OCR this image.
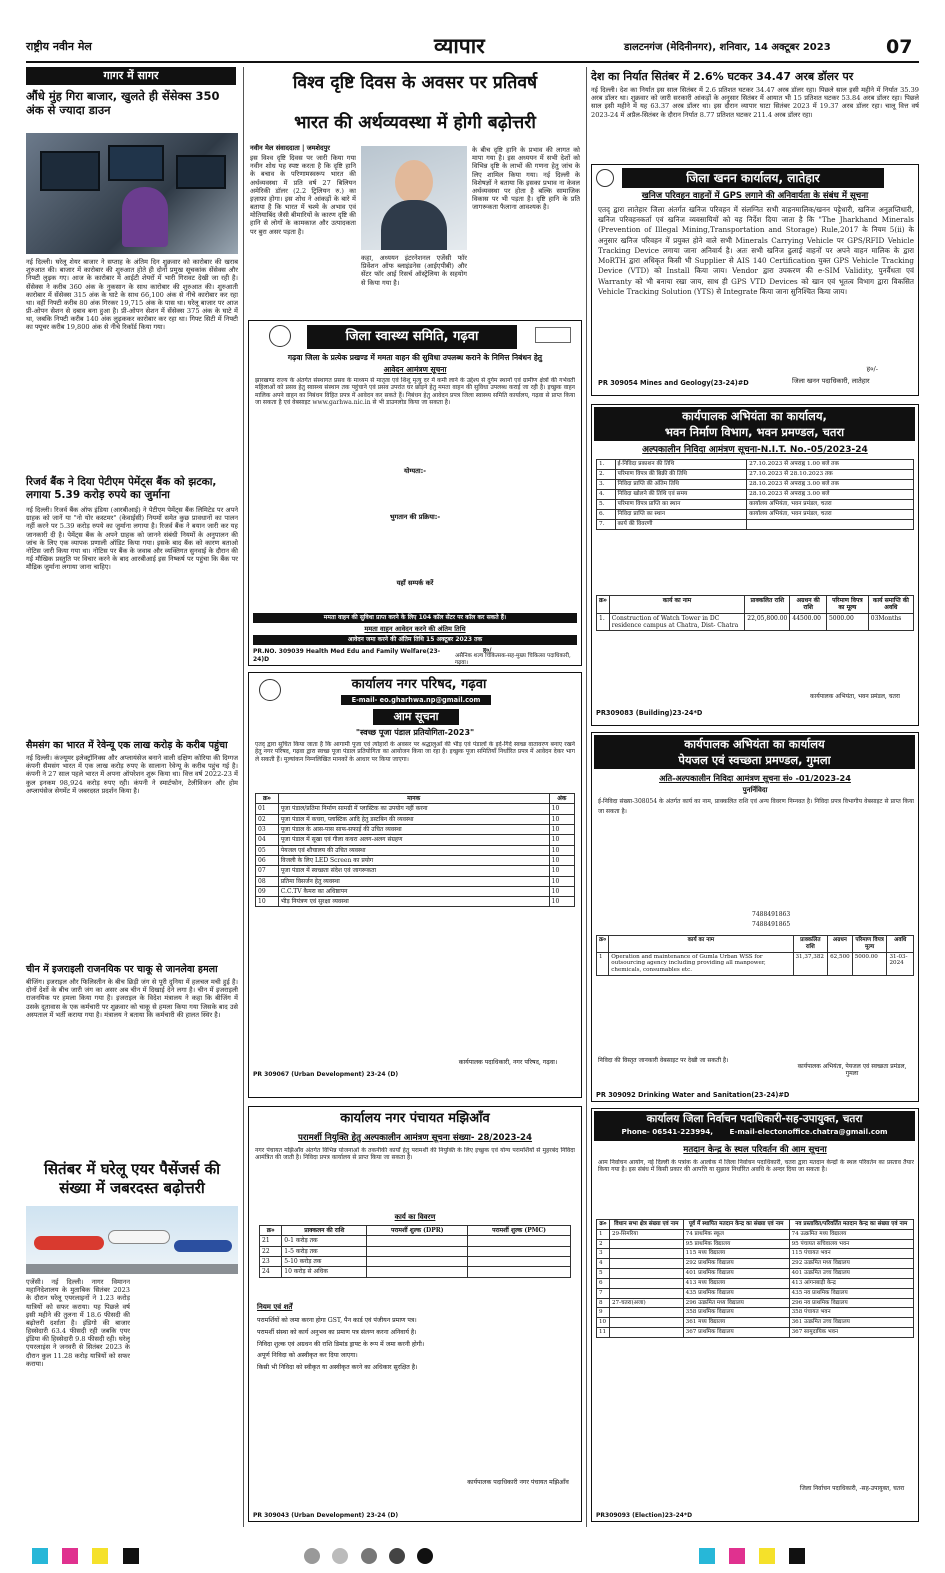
राष्ट्रीय नवीन मेल	व्यापार	डालटनगंज (मेदिनीनगर), शनिवार, 14 अक्टूबर 2023	07
गागर में सागर
औंधे मुंह गिरा बाजार, खुलते ही सेंसेक्स 350 अंक से ज्यादा डाउन
नई दिल्ली। घरेलू शेयर बाजार ने सप्ताह के अंतिम दिन शुक्रवार को कारोबार की खराब शुरुआत की। बाजार में कारोबार की शुरुआत होते ही दोनों प्रमुख सूचकांक सेंसेक्स और निफ्टी लुढ़क गए। आज के कारोबार में आईटी शेयरों में भारी गिरावट देखी जा रही है। सेंसेक्स ने करीब 360 अंक के नुकसान के साथ कारोबार की शुरुआत की। शुरुआती कारोबार में सेंसेक्स 315 अंक के घाटे के साथ 66,100 अंक से नीचे कारोबार कर रहा था। वहीं निफ्टी करीब 80 अंक गिरकर 19,715 अंक के पास था। घरेलू बाजार पर आज प्री-ओपन सेशन से दबाव बना हुआ है। प्री-ओपन सेशन में सेंसेक्स 375 अंक के घाटे में था, जबकि निफ्टी करीब 140 अंक लुढ़ककर कारोबार कर रहा था। गिफ्ट सिटी में निफ्टी का फ्यूचर करीब 19,800 अंक से नीचे रिकॉर्ड किया गया।
रिजर्व बैंक ने दिया पेटीएम पेमेंट्स बैंक को झटका, लगाया 5.39 करोड़ रुपये का जुर्माना
नई दिल्ली। रिजर्व बैंक ऑफ इंडिया (आरबीआई) ने पेटीएम पेमेंट्स बैंक लिमिटेड पर अपने ग्राहक को जानें या "नो योर कस्टमर" (केवाईसी) नियमों समेत कुछ प्रावधानों का पालन नहीं करने पर 5.39 करोड़ रुपये का जुर्माना लगाया है। रिजर्व बैंक ने बयान जारी कर यह जानकारी दी है। पेमेंट्स बैंक के अपने ग्राहक को जानने संबंधी नियमों के अनुपालन की जांच के लिए एक व्यापक प्रणाली ऑडिट किया गया। इसके बाद बैंक को कारण बताओ नोटिस जारी किया गया था। नोटिस पर बैंक के जवाब और व्यक्तिगत सुनवाई के दौरान की गई मौखिक प्रस्तुति पर विचार करने के बाद आरबीआई इस निष्कर्ष पर पहुंचा कि बैंक पर मौद्रिक जुर्माना लगाया जाना चाहिए।
सैमसंग का भारत में रेवेन्यू एक लाख करोड़ के करीब पहुंचा
नई दिल्ली। कंज्यूमर इलेक्ट्रॉनिक्स और अप्लायंसेज बनाने वाली दक्षिण कोरिया की दिग्गज कंपनी सैमसंग भारत में एक लाख करोड़ रुपए के सालाना रेवेन्यू के करीब पहुंच गई है। कंपनी ने 27 साल पहले भारत में अपना ऑपरेशन शुरू किया था। वित्त वर्ष 2022-23 में कुल इनकम 98,924 करोड़ रुपए रही। कंपनी ने स्मार्टफोन, टेलीविजन और होम अप्लायंसेज सेगमेंट में जबरदस्त प्रदर्शन किया है।
चीन में इजराइली राजनयिक पर चाकू से जानलेवा हमला
बीजिंग। इजराइल और फिलिस्तीन के बीच छिड़ी जंग से पूरी दुनिया में हलचल मची हुई है। दोनों देशों के बीच जारी जंग का असर अब चीन में दिखाई देने लगा है। चीन में इजराइली राजनयिक पर हमला किया गया है। इजराइल के विदेश मंत्रालय ने कहा कि बीजिंग में उसके दूतावास के एक कर्मचारी पर शुक्रवार को चाकू से हमला किया गया जिसके बाद उसे अस्पताल में भर्ती कराया गया है। मंत्रालय ने बताया कि कर्मचारी की हालत स्थिर है।
सितंबर में घरेलू एयर पैसेंजर्स की संख्या में जबरदस्त बढ़ोत्तरी
एजेंसी। नई दिल्ली। नागर विमानन महानिदेशालय के मुताबिक सितंबर 2023 के दौरान घरेलू एयरलाइनों ने 1.23 करोड़ यात्रियों को सफर कराया। यह पिछले वर्ष इसी महीने की तुलना में 18.6 फीसदी की बढ़ोत्तरी दर्शाता है। इंडिगो की बाजार हिस्सेदारी 63.4 फीसदी रही जबकि एयर इंडिया की हिस्सेदारी 9.8 फीसदी रही। घरेलू एयरलाइंस ने जनवरी से सितंबर 2023 के दौरान कुल 11.28 करोड़ यात्रियों को सफर कराया।
विश्व दृष्टि दिवस के अवसर पर प्रतिवर्ष
भारत की अर्थव्यवस्था में होगी बढ़ोत्तरी
नवीन मेल संवाददाता | जमशेदपुर
इस विश्व दृष्टि दिवस पर जारी किया गया नवीन शोध यह स्पष्ट करता है कि दृष्टि हानि के बचाव के परिणामस्वरूप भारत की अर्थव्यवस्था में प्रति वर्ष 27 बिलियन अमेरिकी डॉलर (2.2 ट्रिलियन रु.) का इज़ाफ़ा होगा। इस शोध ने आंकड़ों के बारे में बताया है कि भारत में चश्मे के अभाव एवं मोतियाबिंद जैसी बीमारियों के कारण दृष्टि की हानि से लोगों के कामकाज और उत्पादकता पर बुरा असर पड़ता है।
कहा, अध्ययन इंटरनेशनल एजेंसी फॉर प्रिवेंशन ऑफ ब्लाइंडनेस (आईएपीबी) और सेंटर फॉर आई रिसर्च ऑस्ट्रेलिया के सहयोग से किया गया है।
के बीच दृष्टि हानि के प्रभाव की लागत को मापा गया है। इस अध्ययन में सभी देशों को विभिन्न दृष्टि के लाभों की गणना हेतु जांच के लिए शामिल किया गया। नई दिल्ली के विशेषज्ञों ने बताया कि इसका प्रभाव ना केवल अर्थव्यवस्था पर होता है बल्कि सामाजिक विकास पर भी पड़ता है। दृष्टि हानि के प्रति जागरूकता फैलाना आवश्यक है।
जिला स्वास्थ्य समिति, गढ़वा
गढ़वा जिला के प्रत्येक प्रखण्ड में ममता वाहन की सुविधा उपलब्ध कराने के निमित्त निबंधन हेतु
आवेदन आमंत्रण सूचना
झारखण्ड राज्य के अंतर्गत संस्थागत प्रसव के माध्यम से मातृत्व एवं शिशु मृत्यु दर में कमी लाने के उद्देश्य से दुर्गम स्थानों एवं ग्रामीण क्षेत्रों की गर्भवती महिलाओं को प्रसव हेतु स्वास्थ्य संस्थान तक पहुंचाने एवं प्रसव उपरांत घर छोड़ने हेतु ममता वाहन की सुविधा उपलब्ध कराई जा रही है। इच्छुक वाहन मालिक अपने वाहन का निबंधन विहित प्रपत्र में आवेदन कर सकते हैं। निबंधन हेतु आवेदन प्रपत्र जिला स्वास्थ्य समिति कार्यालय, गढ़वा से प्राप्त किया जा सकता है एवं वेबसाइट www.garhwa.nic.in से भी डाउनलोड किया जा सकता है।
योग्यता:-
भुगतान की प्रक्रिया:-
यहाँ सम्पर्क करें
ममता वाहन की सुविधा प्राप्त करने के लिए 104 कॉल सेंटर पर कॉल कर सकते हैं।
ममता वाहन आवेदन करने की अंतिम तिथि
आवेदन जमा करने की अंतिम तिथि 15 अक्टूबर 2023 तक
ह०/
असैनिक शल्य चिकित्सक-सह-मुख्य चिकित्सा पदाधिकारी, गढ़वा।
PR.NO. 309039 Health Med Edu and Family Welfare(23-24)D
कार्यालय नगर परिषद, गढ़वा
E-mail- eo.gharhwa.np@gmail.com
आम सूचना
"स्वच्छ पूजा पंडाल प्रतियोगिता-2023"
एतद् द्वारा सूचित किया जाता है कि आगामी पूजा एवं त्योहारों के अवसर पर श्रद्धालुओं की भीड़ एवं पंडालों के इर्द-गिर्द स्वच्छ वातावरण बनाए रखने हेतु नगर परिषद, गढ़वा द्वारा स्वच्छ पूजा पंडाल प्रतियोगिता का आयोजन किया जा रहा है। इच्छुक पूजा समितियाँ निर्धारित प्रपत्र में आवेदन देकर भाग ले सकती हैं। मूल्यांकन निम्नलिखित मानकों के आधार पर किया जाएगा।
क्र०	मानक	अंक
01	पूजा पंडाल/प्रतिमा निर्माण सामग्री में प्लास्टिक का उपयोग नहीं करना	10
02	पूजा पंडाल में कचरा, प्लास्टिक आदि हेतु डस्टबिन की व्यवस्था	10
03	पूजा पंडाल के आस-पास साफ-सफाई की उचित व्यवस्था	10
04	पूजा पंडाल में सूखा एवं गीला कचरा अलग-अलग संग्रहण	10
05	पेयजल एवं शौचालय की उचित व्यवस्था	10
06	विजली के लिए LED Screen का प्रयोग	10
07	पूजा पंडाल में स्वच्छता संदेश एवं जागरूकता	10
08	प्रतिमा विसर्जन हेतु व्यवस्था	10
09	C.C.TV कैमरा का अधिष्ठापन	10
10	भीड़ नियंत्रण एवं सुरक्षा व्यवस्था	10
कार्यपालक पदाधिकारी, नगर परिषद, गढ़वा।
PR 309067 (Urban Development) 23-24 (D)
कार्यालय नगर पंचायत मझिऑंव
परामर्शी नियुक्ति हेतु अल्पकालीन आमंत्रण सूचना संख्या- 28/2023-24
नगर पंचायत मझिऑंव अंतर्गत विभिन्न योजनाओं के तकनीकी कार्यों हेतु परामर्शी की नियुक्ति के लिए इच्छुक एवं योग्य परामर्शियों से मुहरबंद निविदा आमंत्रित की जाती है। निविदा प्रपत्र कार्यालय से प्राप्त किया जा सकता है।
कार्य का विवरण
क्र०	प्राक्कलन की राशि	परामर्शी शुल्क (DPR)	परामर्शी शुल्क (PMC)
21	0-1 करोड़ तक		
22	1-5 करोड़ तक		
23	5-10 करोड़ तक		
24	10 करोड़ से अधिक		
नियम एवं शर्तें
परामर्शियों को जमा करना होगा GST, पैन कार्ड एवं पंजीयन प्रमाण पत्र।
परामर्शी संस्था को कार्य अनुभव का प्रमाण पत्र संलग्न करना अनिवार्य है।
निविदा शुल्क एवं अग्रधन की राशि डिमांड ड्राफ्ट के रूप में जमा करनी होगी।
अपूर्ण निविदा को अस्वीकृत कर दिया जाएगा।
किसी भी निविदा को स्वीकृत या अस्वीकृत करने का अधिकार सुरक्षित है।
कार्यपालक पदाधिकारी नगर पंचायत मझिऑंव
PR 309043 (Urban Development) 23-24 (D)
देश का निर्यात सितंबर में 2.6% घटकर 34.47 अरब डॉलर पर
नई दिल्ली। देश का निर्यात इस साल सितंबर में 2.6 प्रतिशत घटकर 34.47 अरब डॉलर रहा। पिछले साल इसी महीने में निर्यात 35.39 अरब डॉलर था। शुक्रवार को जारी सरकारी आंकड़ों के अनुसार सितंबर में आयात भी 15 प्रतिशत घटकर 53.84 अरब डॉलर रहा। पिछले साल इसी महीने में यह 63.37 अरब डॉलर था। इस दौरान व्यापार घाटा सितंबर 2023 में 19.37 अरब डॉलर रहा। चालू वित्त वर्ष 2023-24 में अप्रैल-सितंबर के दौरान निर्यात 8.77 प्रतिशत घटकर 211.4 अरब डॉलर रहा।
जिला खनन कार्यालय, लातेहार
खनिज परिवहन वाहनों में GPS लगाने की अनिवार्यता के संबंध में सूचना
एतद् द्वारा लातेहार जिला अंतर्गत खनिज परिवहन में संलग्नित सभी वाहनमालिक/खनन पट्टेधारी, खनिज अनुज्ञप्तिधारी, खनिज परिवहनकर्ता एवं खनिज व्यवसायियों को यह निर्देश दिया जाता है कि "The Jharkhand Minerals (Prevention of Illegal Mining,Transportation and Storage) Rule,2017 के नियम 5(ii) के अनुसार खनिज परिवहन में प्रयुक्त होने वाले सभी Minerals Carrying Vehicle पर GPS/RFID Vehicle Tracking Device लगाया जाना अनिवार्य है। अतः सभी खनिज ढुलाई वाहनों पर अपने वाहन मालिक के द्वारा MoRTH द्वारा अधिकृत किसी भी Supplier से AIS 140 Certification युक्त GPS Vehicle Tracking Device (VTD) को Install किया जाय। Vendor द्वारा उपकरण की e-SIM Validity, पुनर्वैधता एवं Warranty को भी बनाया रखा जाय, साथ ही GPS VTD Devices को खान एवं भूतत्व विभाग द्वारा विकसित Vehicle Tracking Solution (YTS) से Integrate किया जाना सुनिश्चित किया जाय।
ह०/-
जिला खनन पदाधिकारी, लातेहार
PR 309054 Mines and Geology(23-24)#D
कार्यपालक अभियंता का कार्यालय,
भवन निर्माण विभाग, भवन प्रमण्डल, चतरा
अल्पकालीन निविदा आमंत्रण सूचना-N.I.T. No.-05/2023-24
1.	ई-निविदा प्रकाशन की तिथि	27.10.2023 से अपराह्न 1.00 बजे तक
2.	परिमाण विपत्र की बिक्री की तिथि	27.10.2023 से 28.10.2023 तक
3.	निविदा प्राप्ति की अंतिम तिथि	28.10.2023 से अपराह्न 3.00 बजे तक
4.	निविदा खोलने की तिथि एवं समय	28.10.2023 से अपराह्न 3.00 बजे
5.	परिमाण विपत्र प्राप्ति का स्थान	कार्यालय अभियंता, भवन प्रमंडल, चतरा
6.	निविदा प्राप्ति का स्थान	कार्यालय अभियंता, भवन प्रमंडल, चतरा
7.	कार्य की विवरणी	
क्र०	कार्य का नाम	प्राक्कलित राशि	अग्रधन की राशि	परिमाण विपत्र का मूल्य	कार्य समाप्ति की अवधि
1.	Construction of Watch Tower in DC residence campus at Chatra, Dist- Chatra	22,05,800.00	44500.00	5000.00	03Months
कार्यपालक अभियंता, भवन प्रमंडल, चतरा
PR309083 (Building)23-24*D
कार्यपालक अभियंता का कार्यालय
पेयजल एवं स्वच्छता प्रमण्डल, गुमला
अति-अल्पकालीन निविदा आमंत्रण सूचना सं० -01/2023-24
पुनर्निविदा
ई-निविदा संख्या-308054 के अंतर्गत कार्य का नाम, प्राक्कलित राशि एवं अन्य विवरण निम्नवत है। निविदा प्रपत्र विभागीय वेबसाइट से प्राप्त किया जा सकता है।
7488491863
7488491865
क्र०	कार्य का नाम	प्राक्कलित राशि	अग्रधन	परिमाण विपत्र मूल्य	अवधि
1	Operation and maintenance of Gumla Urban WSS for outsourcing agency including providing all manpower, chemicals, consumables etc.	31,37,382	62,500	5000.00	31-03-2024
निविदा की विस्तृत जानकारी वेबसाइट पर देखी जा सकती है।
कार्यपालक अभियंता, पेयजल एवं स्वच्छता प्रमंडल, गुमला
PR 309092 Drinking Water and Sanitation(23-24)#D
कार्यालय जिला निर्वाचन पदाधिकारी-सह-उपायुक्त, चतरा
Phone- 06541-223994, E-mail-electonoffice.chatra@gmail.com
मतदान केन्द्र के स्थल परिवर्तन की आम सूचना
आम निर्वाचन आयोग, नई दिल्ली के पत्रांक के आलोक में जिला निर्वाचन पदाधिकारी, चतरा द्वारा मतदान केन्द्रों के स्थल परिवर्तन का प्रस्ताव तैयार किया गया है। इस संबंध में किसी प्रकार की आपत्ति या सुझाव निर्धारित अवधि के अन्दर दिया जा सकता है।
क्र०	विधान सभा क्षेत्र संख्या एवं नाम	पूर्व में स्थापित मतदान केन्द्र का संख्या एवं नाम	नव प्रस्तावित/परिवर्तित मतदान केन्द्र का संख्या एवं नाम
1	29-सिमरिया	74 प्राथमिक स्कूल	74 उत्क्रमित मध्य विद्यालय
2		95 प्राथमिक विद्यालय	95 पंचायत सचिवालय भवन
3		115 मध्य विद्यालय	115 पंचायत भवन
4		292 प्राथमिक विद्यालय	292 उत्क्रमित मध्य विद्यालय
5		401 प्राथमिक विद्यालय	401 उत्क्रमित उच्च विद्यालय
6		413 मध्य विद्यालय	413 आंगनबाड़ी केन्द्र
7		435 प्राथमिक विद्यालय	435 नव प्राथमिक विद्यालय
8	27-चतरा(अजा)	296 उत्क्रमित मध्य विद्यालय	296 नव प्राथमिक विद्यालय
9		358 प्राथमिक विद्यालय	358 पंचायत भवन
10		361 मध्य विद्यालय	361 उत्क्रमित उच्च विद्यालय
11		367 प्राथमिक विद्यालय	367 सामुदायिक भवन
जिला निर्वाचन पदाधिकारी, -सह-उपायुक्त, चतरा
PR309093 (Election)23-24*D
